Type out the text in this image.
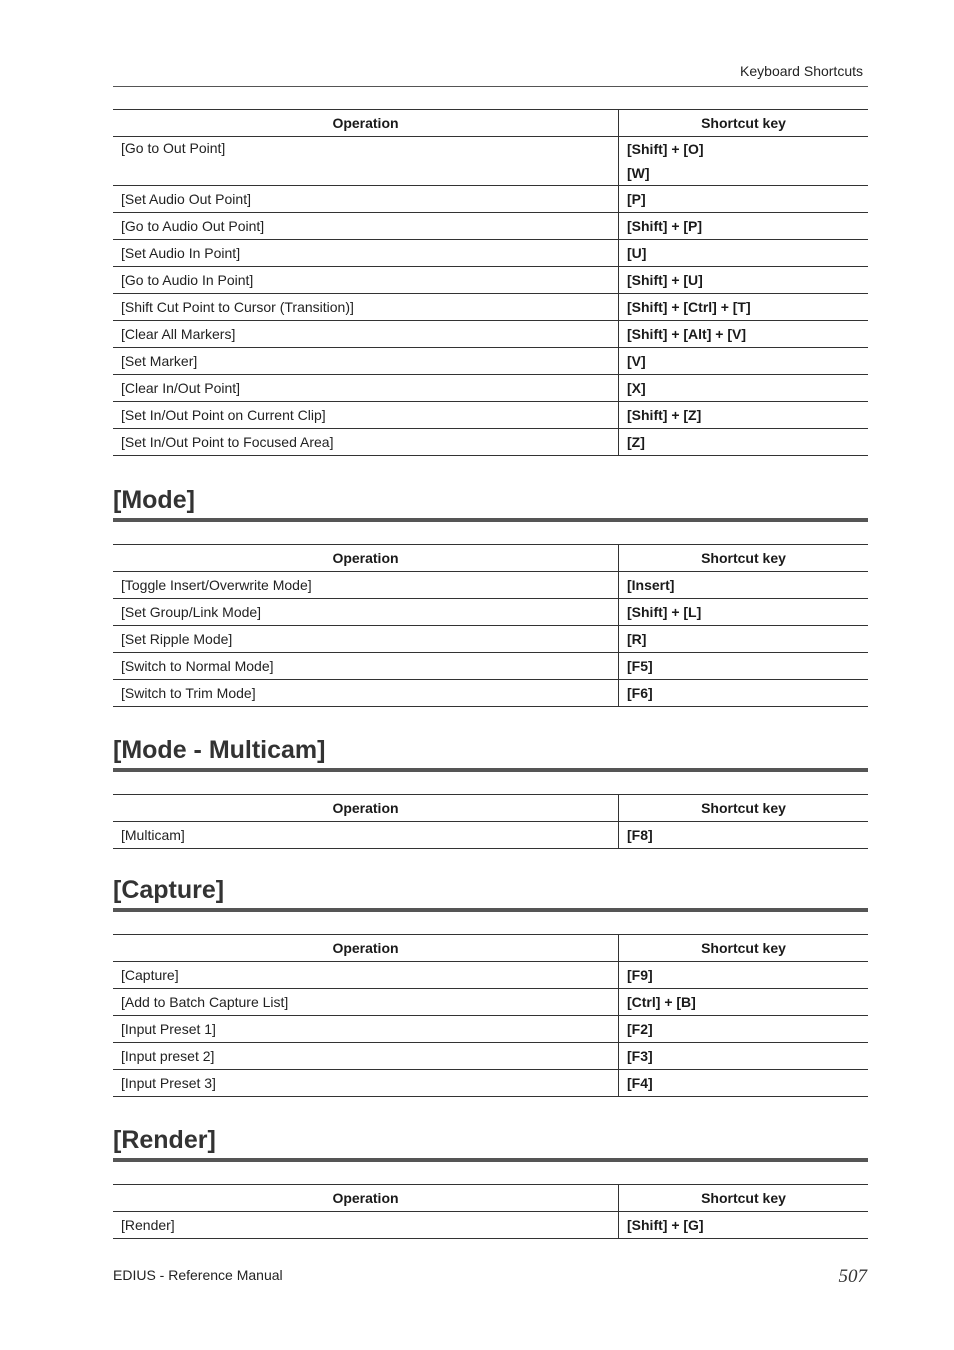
Keyboard Shortcuts
Operation	Shortcut key
[Go to Out Point]	[Shift] + [O]
[W]

[Set Audio Out Point]	[P]

[Go to Audio Out Point]	[Shift] + [P]

[Set Audio In Point]	[U]

[Go to Audio In Point]	[Shift] + [U]

[Shift Cut Point to Cursor (Transition)]	[Shift] + [Ctrl] + [T]

[Clear All Markers]	[Shift] + [Alt] + [V]

[Set Marker]	[V]

[Clear In/Out Point]	[X]

[Set In/Out Point on Current Clip]	[Shift] + [Z]

[Set In/Out Point to Focused Area]	[Z]
[Mode]
Operation	Shortcut key
[Toggle Insert/Overwrite Mode]	[Insert]

[Set Group/Link Mode]	[Shift] + [L]

[Set Ripple Mode]	[R]

[Switch to Normal Mode]	[F5]

[Switch to Trim Mode]	[F6]
[Mode - Multicam]
Operation	Shortcut key
[Multicam]	[F8]
[Capture]
Operation	Shortcut key
[Capture]	[F9]

[Add to Batch Capture List]	[Ctrl] + [B]

[Input Preset 1]	[F2]

[Input preset 2]	[F3]

[Input Preset 3]	[F4]
[Render]
Operation	Shortcut key
[Render]	[Shift] + [G]
EDIUS - Reference Manual	507
